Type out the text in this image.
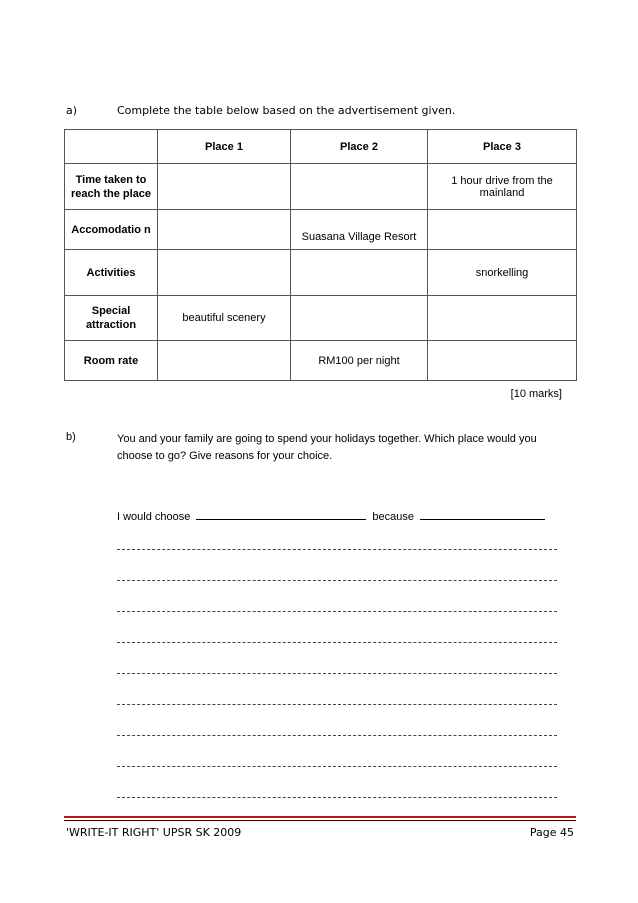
a)	Complete the table below based on the advertisement given.
	Place 1	Place 2	Place 3
Time taken to reach the place			1 hour drive from the mainland
Accomodatio n		Suasana Village Resort	
Activities			snorkelling
Special attraction	beautiful scenery		
Room rate		RM100 per night	
[10 marks]
b)	You and your family are going to spend your holidays together. Which place would you choose to go? Give reasons for your choice.
I would choose	because
'WRITE-IT RIGHT' UPSR SK 2009	Page 45
